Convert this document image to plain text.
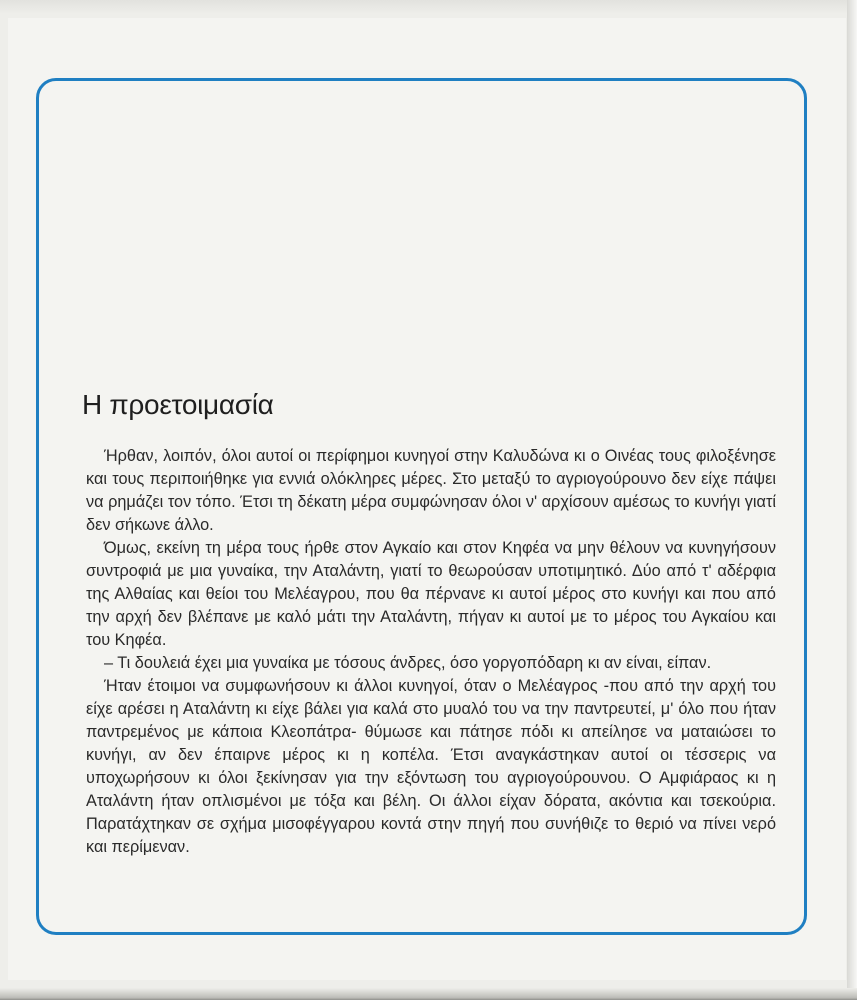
Η προετοιμασία

Ήρθαν, λοιπόν, όλοι αυτοί οι περίφημοι κυνηγοί στην Καλυδώνα κι ο Οινέας τους φιλοξένησε και τους περιποιήθηκε για εννιά ολόκληρες μέρες. Στο μεταξύ το αγριογούρουνο δεν είχε πάψει να ρημάζει τον τόπο. Έτσι τη δέκατη μέρα συμφώνησαν όλοι ν' αρχίσουν αμέσως το κυνήγι γιατί δεν σήκωνε άλλο.

Όμως, εκείνη τη μέρα τους ήρθε στον Αγκαίο και στον Κηφέα να μην θέλουν να κυνηγήσουν συντροφιά με μια γυναίκα, την Αταλάντη, γιατί το θεωρούσαν υποτιμητικό. Δύο από τ' αδέρφια της Αλθαίας και θείοι του Μελέαγρου, που θα πέρνανε κι αυτοί μέρος στο κυνήγι και που από την αρχή δεν βλέπανε με καλό μάτι την Αταλάντη, πήγαν κι αυτοί με το μέρος του Αγκαίου και του Κηφέα.

– Τι δουλειά έχει μια γυναίκα με τόσους άνδρες, όσο γοργοπόδαρη κι αν είναι, είπαν.

Ήταν έτοιμοι να συμφωνήσουν κι άλλοι κυνηγοί, όταν ο Μελέαγρος -που από την αρχή του είχε αρέσει η Αταλάντη κι είχε βάλει για καλά στο μυαλό του να την παντρευτεί, μ' όλο που ήταν παντρεμένος με κάποια Κλεοπάτρα- θύμωσε και πάτησε πόδι κι απείλησε να ματαιώσει το κυνήγι, αν δεν έπαιρνε μέρος κι η κοπέλα. Έτσι αναγκάστηκαν αυτοί οι τέσσερις να υποχωρήσουν κι όλοι ξεκίνησαν για την εξόντωση του αγριογούρουνου. Ο Αμφιάραος κι η Αταλάντη ήταν οπλισμένοι με τόξα και βέλη. Οι άλλοι είχαν δόρατα, ακόντια και τσεκούρια. Παρατάχτηκαν σε σχήμα μισοφέγγαρου κοντά στην πηγή που συνήθιζε το θεριό να πίνει νερό και περίμεναν.
